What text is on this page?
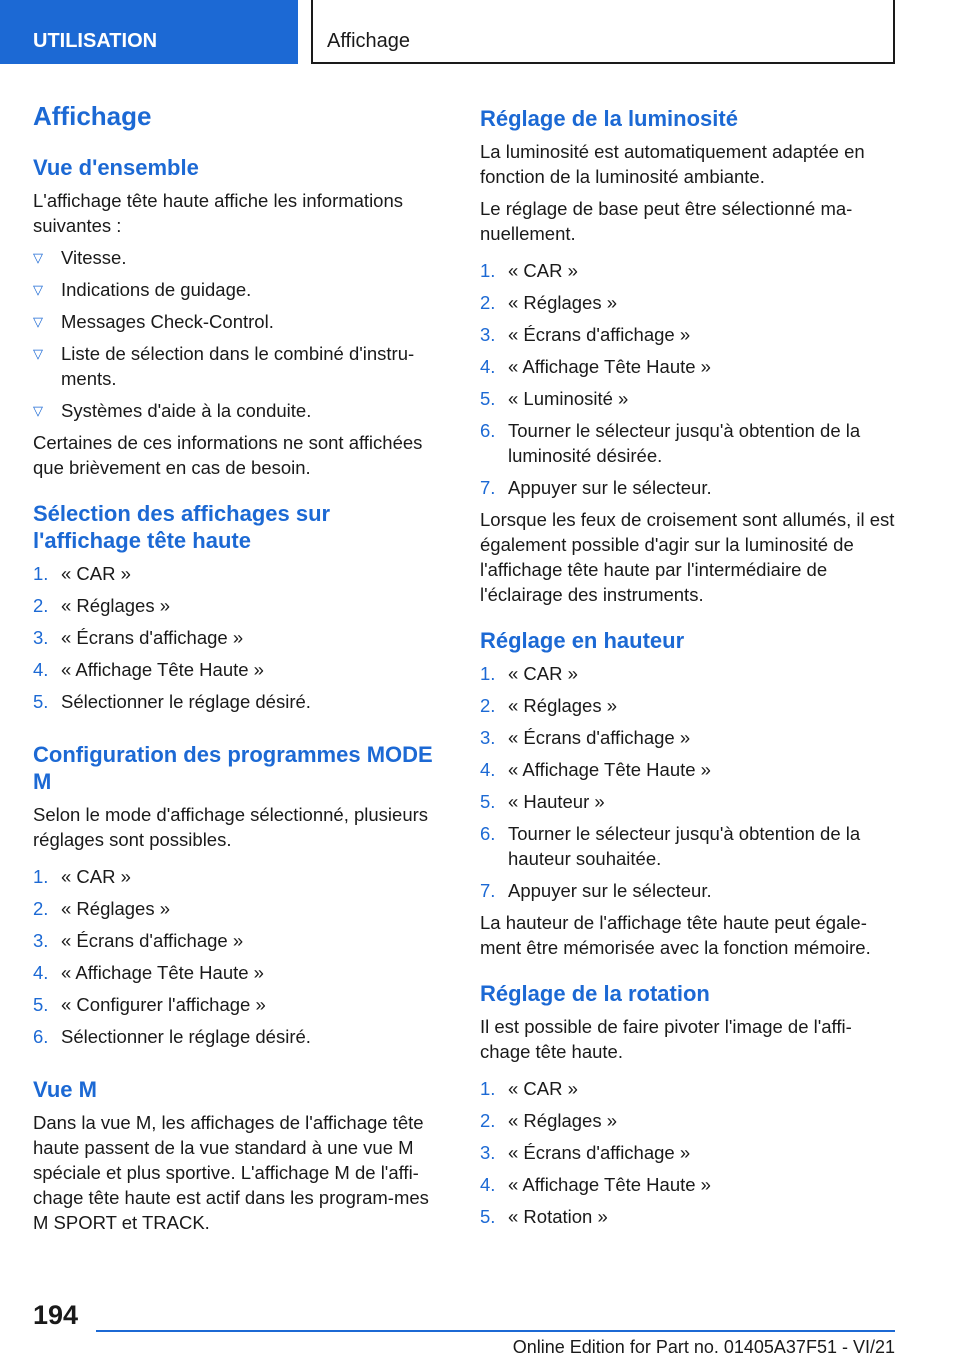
UTILISATION	Affichage
Affichage
Vue d'ensemble

L'affichage tête haute affiche les informations suivantes :

▽ Vitesse.
▽ Indications de guidage.
▽ Messages Check-Control.
▽ Liste de sélection dans le combiné d'instru-ments.
▽ Systèmes d'aide à la conduite.

Certaines de ces informations ne sont affichées que brièvement en cas de besoin.

Sélection des affichages sur l'affichage tête haute
1. « CAR »
2. « Réglages »
3. « Écrans d'affichage »
4. « Affichage Tête Haute »
5. Sélectionner le réglage désiré.
Configuration des programmes MODE M

Selon le mode d'affichage sélectionné, plusieurs réglages sont possibles.

1. « CAR »
2. « Réglages »
3. « Écrans d'affichage »
4. « Affichage Tête Haute »
5. « Configurer l'affichage »
6. Sélectionner le réglage désiré.
Vue M

Dans la vue M, les affichages de l'affichage tête haute passent de la vue standard à une vue M spéciale et plus sportive. L'affichage M de l'affi-chage tête haute est actif dans les program-mes M SPORT et TRACK.

Réglage de la luminosité

La luminosité est automatiquement adaptée en fonction de la luminosité ambiante.

Le réglage de base peut être sélectionné ma-nuellement.

1. « CAR »
2. « Réglages »
3. « Écrans d'affichage »
4. « Affichage Tête Haute »
5. « Luminosité »
6. Tourner le sélecteur jusqu'à obtention de la luminosité désirée.
7. Appuyer sur le sélecteur.

Lorsque les feux de croisement sont allumés, il est également possible d'agir sur la luminosité de l'affichage tête haute par l'intermédiaire de l'éclairage des instruments.

Réglage en hauteur
1. « CAR »
2. « Réglages »
3. « Écrans d'affichage »
4. « Affichage Tête Haute »
5. « Hauteur »
6. Tourner le sélecteur jusqu'à obtention de la hauteur souhaitée.
7. Appuyer sur le sélecteur.

La hauteur de l'affichage tête haute peut égale-ment être mémorisée avec la fonction mémoire.

Réglage de la rotation

Il est possible de faire pivoter l'image de l'affi-chage tête haute.

1. « CAR »
2. « Réglages »
3. « Écrans d'affichage »
4. « Affichage Tête Haute »
5. « Rotation »
194
Online Edition for Part no. 01405A37F51 - VI/21
